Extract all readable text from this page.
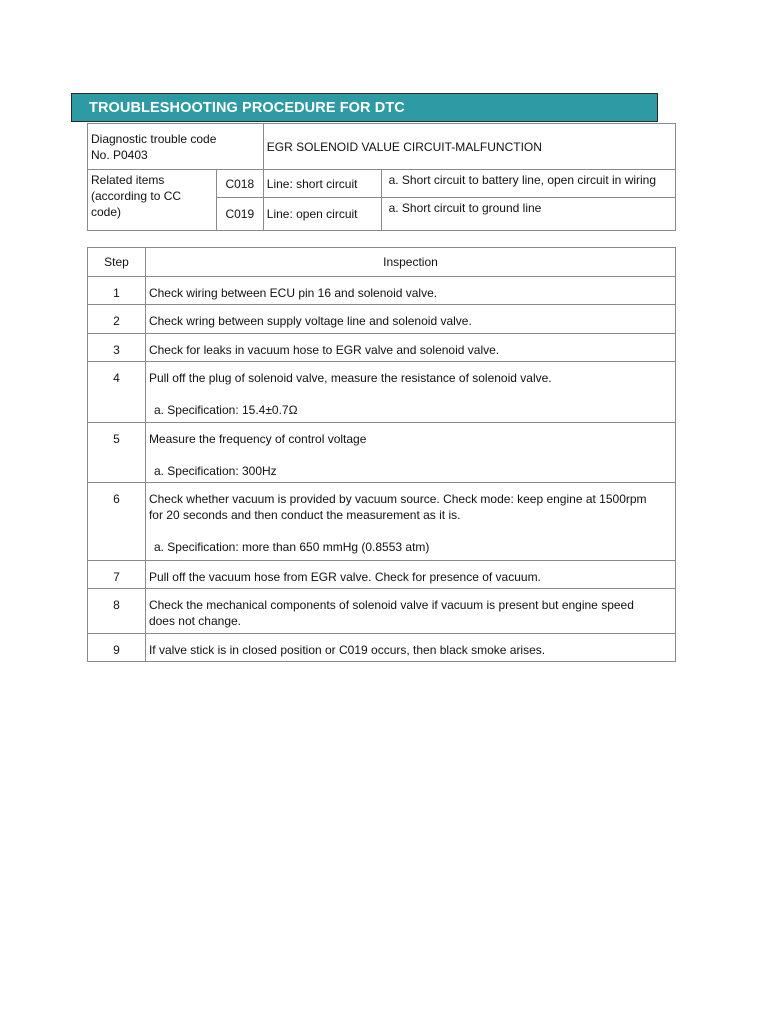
TROUBLESHOOTING PROCEDURE FOR DTC
Diagnostic trouble code
No. P0403		EGR SOLENOID VALUE CIRCUIT-MALFUNCTION	

Related items
(according to CC
code)	C018	Line: short circuit	a. Short circuit to battery line, open circuit in wiring
	C019	Line: open circuit	a. Short circuit to ground line
Step	Inspection
1	Check wiring between ECU pin 16 and solenoid valve.
2	Check wring between supply voltage line and solenoid valve.
3	Check for leaks in vacuum hose to EGR valve and solenoid valve.
4	Pull off the plug of solenoid valve, measure the resistance of solenoid valve.
a. Specification: 15.4±0.7Ω

5	Measure the frequency of control voltage
a. Specification: 300Hz

6	Check whether vacuum is provided by vacuum source. Check mode: keep engine at 1500rpm
for 20 seconds and then conduct the measurement as it is.
a. Specification: more than 650 mmHg (0.8553 atm)

7	Pull off the vacuum hose from EGR valve. Check for presence of vacuum.
8	Check the mechanical components of solenoid valve if vacuum is present but engine speed
does not change.

9	If valve stick is in closed position or C019 occurs, then black smoke arises.
